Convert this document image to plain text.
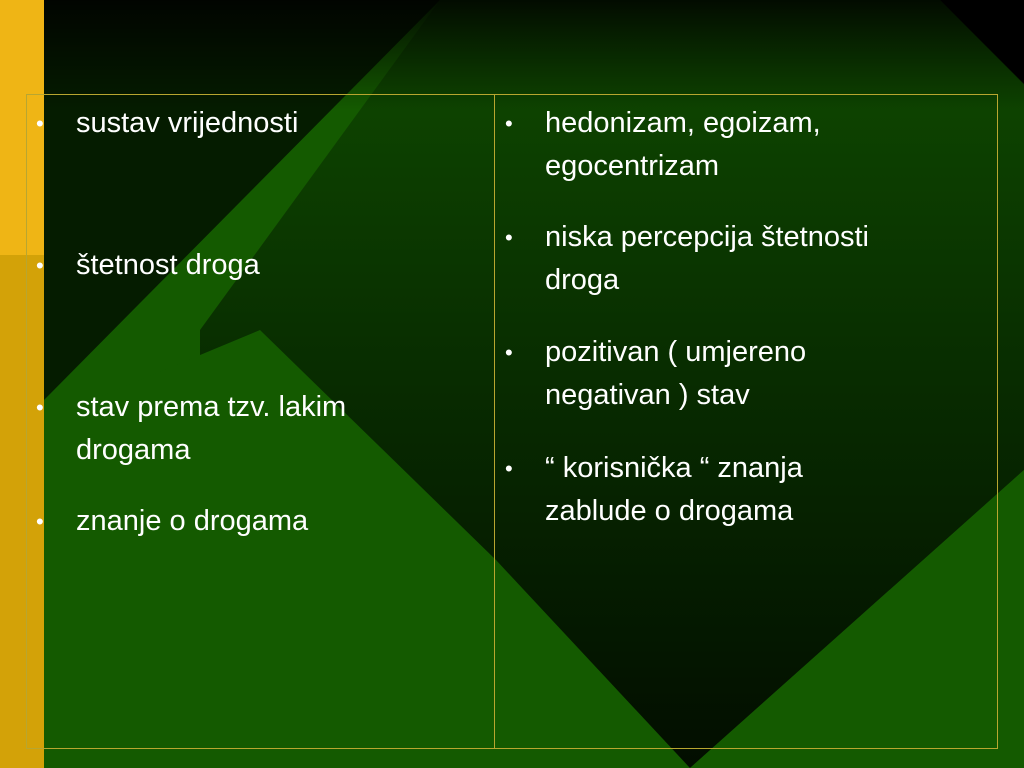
• sustav vrijednosti
• štetnost droga
• stav prema tzv. lakim
drogama
• znanje o drogama
• hedonizam, egoizam,
egocentrizam
• niska percepcija štetnosti
droga
• pozitivan ( umjereno
negativan ) stav
• “ korisnička “ znanja
zablude o drogama
